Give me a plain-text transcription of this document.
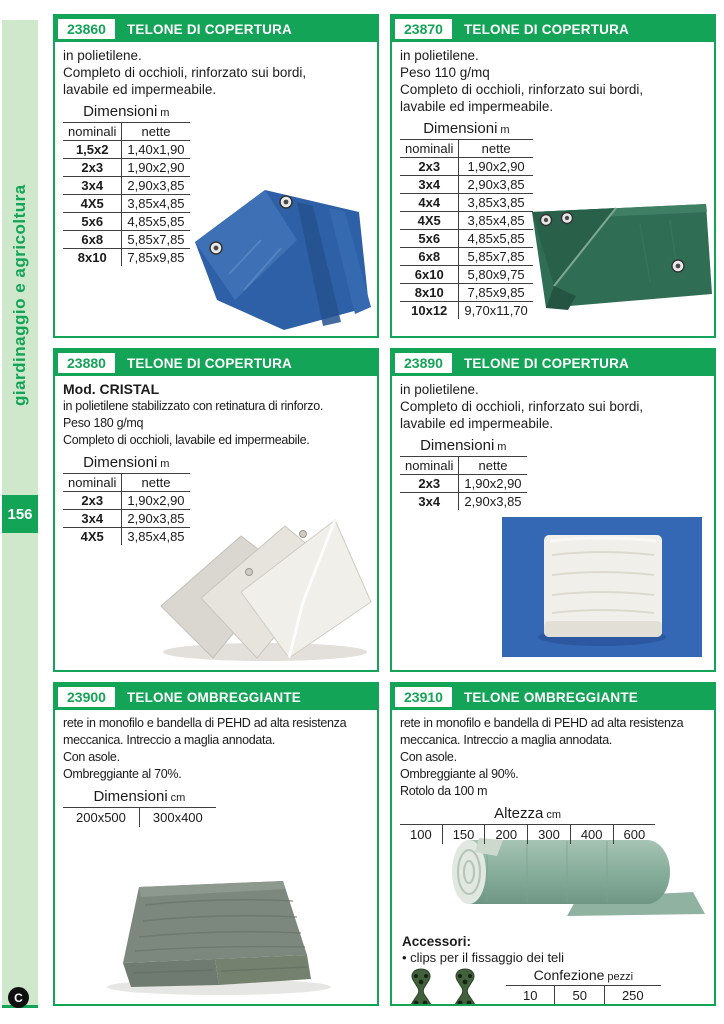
giardinaggio e agricoltura
156
C
23860	TELONE DI COPERTURA
in polietilene.
Completo di occhioli, rinforzato sui bordi,
lavabile ed impermeabile.
Dimensioni m
nominali	nette
1,5x2	1,40x1,90
2x3	1,90x2,90
3x4	2,90x3,85
4X5	3,85x4,85
5x6	4,85x5,85
6x8	5,85x7,85
8x10	7,85x9,85
23870	TELONE DI COPERTURA
in polietilene.
Peso 110 g/mq
Completo di occhioli, rinforzato sui bordi,
lavabile ed impermeabile.
Dimensioni m
nominali	nette
2x3	1,90x2,90
3x4	2,90x3,85
4x4	3,85x3,85
4X5	3,85x4,85
5x6	4,85x5,85
6x8	5,85x7,85
6x10	5,80x9,75
8x10	7,85x9,85
10x12	9,70x11,70
23880	TELONE DI COPERTURA
Mod. CRISTAL
in polietilene stabilizzato con retinatura di rinforzo.
Peso 180 g/mq
Completo di occhioli, lavabile ed impermeabile.
Dimensioni m
nominali	nette
2x3	1,90x2,90
3x4	2,90x3,85
4X5	3,85x4,85
23890	TELONE DI COPERTURA
in polietilene.
Completo di occhioli, rinforzato sui bordi,
lavabile ed impermeabile.
Dimensioni m
nominali	nette
2x3	1,90x2,90
3x4	2,90x3,85
23900	TELONE OMBREGGIANTE
rete in monofilo e bandella di PEHD ad alta resistenza
meccanica. Intreccio a maglia annodata.
Con asole.
Ombreggiante al 70%.
Dimensioni cm
200x500	300x400
23910	TELONE OMBREGGIANTE
rete in monofilo e bandella di PEHD ad alta resistenza
meccanica. Intreccio a maglia annodata.
Con asole.
Ombreggiante al 90%.
Rotolo da 100 m
Altezza cm
100	150	200	300	400	600
Accessori:
• clips per il fissaggio dei teli
Confezione pezzi
10	50	250
